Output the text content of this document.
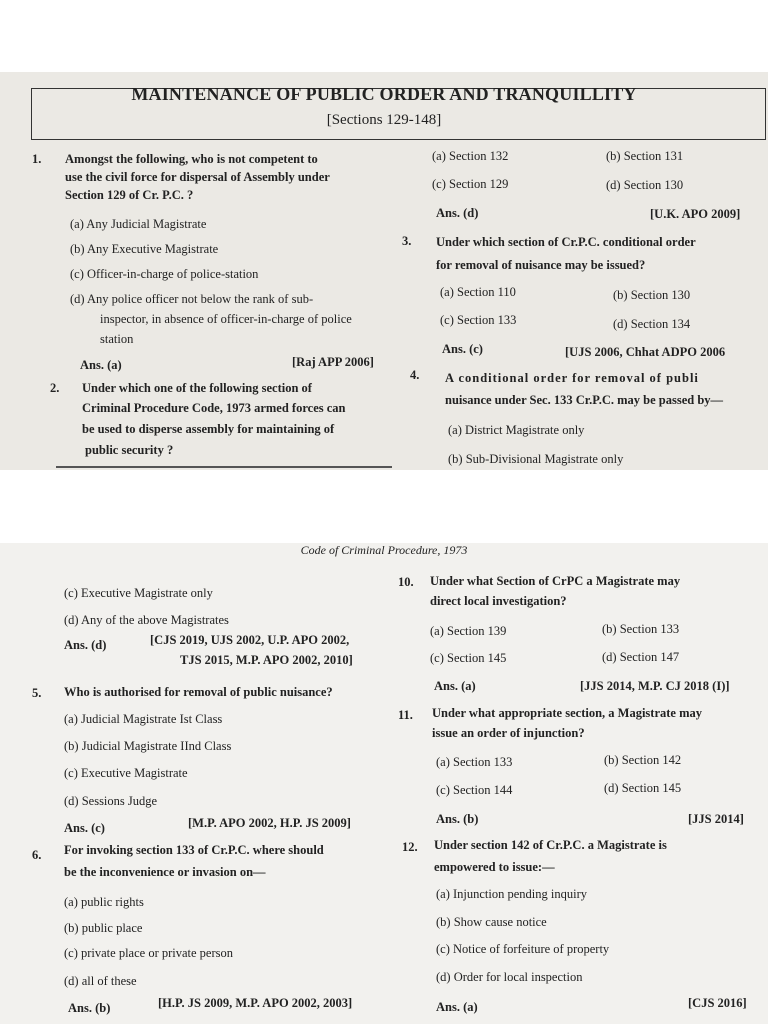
MAINTENANCE OF PUBLIC ORDER AND TRANQUILLITY
[Sections 129-148]
1. Amongst the following, who is not competent to
use the civil force for dispersal of Assembly under
Section 129 of Cr. P.C. ?
(a) Any Judicial Magistrate
(b) Any Executive Magistrate
(c) Officer-in-charge of police-station
(d) Any police officer not below the rank of sub-
inspector, in absence of officer-in-charge of police
station
Ans. (a)	[Raj APP 2006]
2. Under which one of the following section of
Criminal Procedure Code, 1973 armed forces can
be used to disperse assembly for maintaining of
public security ?
(a) Section 132	(b) Section 131
(c) Section 129	(d) Section 130
Ans. (d)	[U.K. APO 2009]
3. Under which section of Cr.P.C. conditional order
for removal of nuisance may be issued?
(a) Section 110	(b) Section 130
(c) Section 133	(d) Section 134
Ans. (c)	[UJS 2006, Chhat ADPO 2006
4. A conditional order for removal of publi
nuisance under Sec. 133 Cr.P.C. may be passed by—
(a) District Magistrate only
(b) Sub-Divisional Magistrate only
Code of Criminal Procedure, 1973
(c) Executive Magistrate only
(d) Any of the above Magistrates
Ans. (d)	[CJS 2019, UJS 2002, U.P. APO 2002,
TJS 2015, M.P. APO 2002, 2010]
5. Who is authorised for removal of public nuisance?
(a) Judicial Magistrate Ist Class
(b) Judicial Magistrate IInd Class
(c) Executive Magistrate
(d) Sessions Judge
Ans. (c)	[M.P. APO 2002, H.P. JS 2009]
6. For invoking section 133 of Cr.P.C. where should
be the inconvenience or invasion on—
(a) public rights
(b) public place
(c) private place or private person
(d) all of these
Ans. (b)	[H.P. JS 2009, M.P. APO 2002, 2003]
10. Under what Section of CrPC a Magistrate may
direct local investigation?
(a) Section 139	(b) Section 133
(c) Section 145	(d) Section 147
Ans. (a)	[JJS 2014, M.P. CJ 2018 (I)]
11. Under what appropriate section, a Magistrate may
issue an order of injunction?
(a) Section 133	(b) Section 142
(c) Section 144	(d) Section 145
Ans. (b)	[JJS 2014]
12. Under section 142 of Cr.P.C. a Magistrate is
empowered to issue:—
(a) Injunction pending inquiry
(b) Show cause notice
(c) Notice of forfeiture of property
(d) Order for local inspection
Ans. (a)	[CJS 2016]
